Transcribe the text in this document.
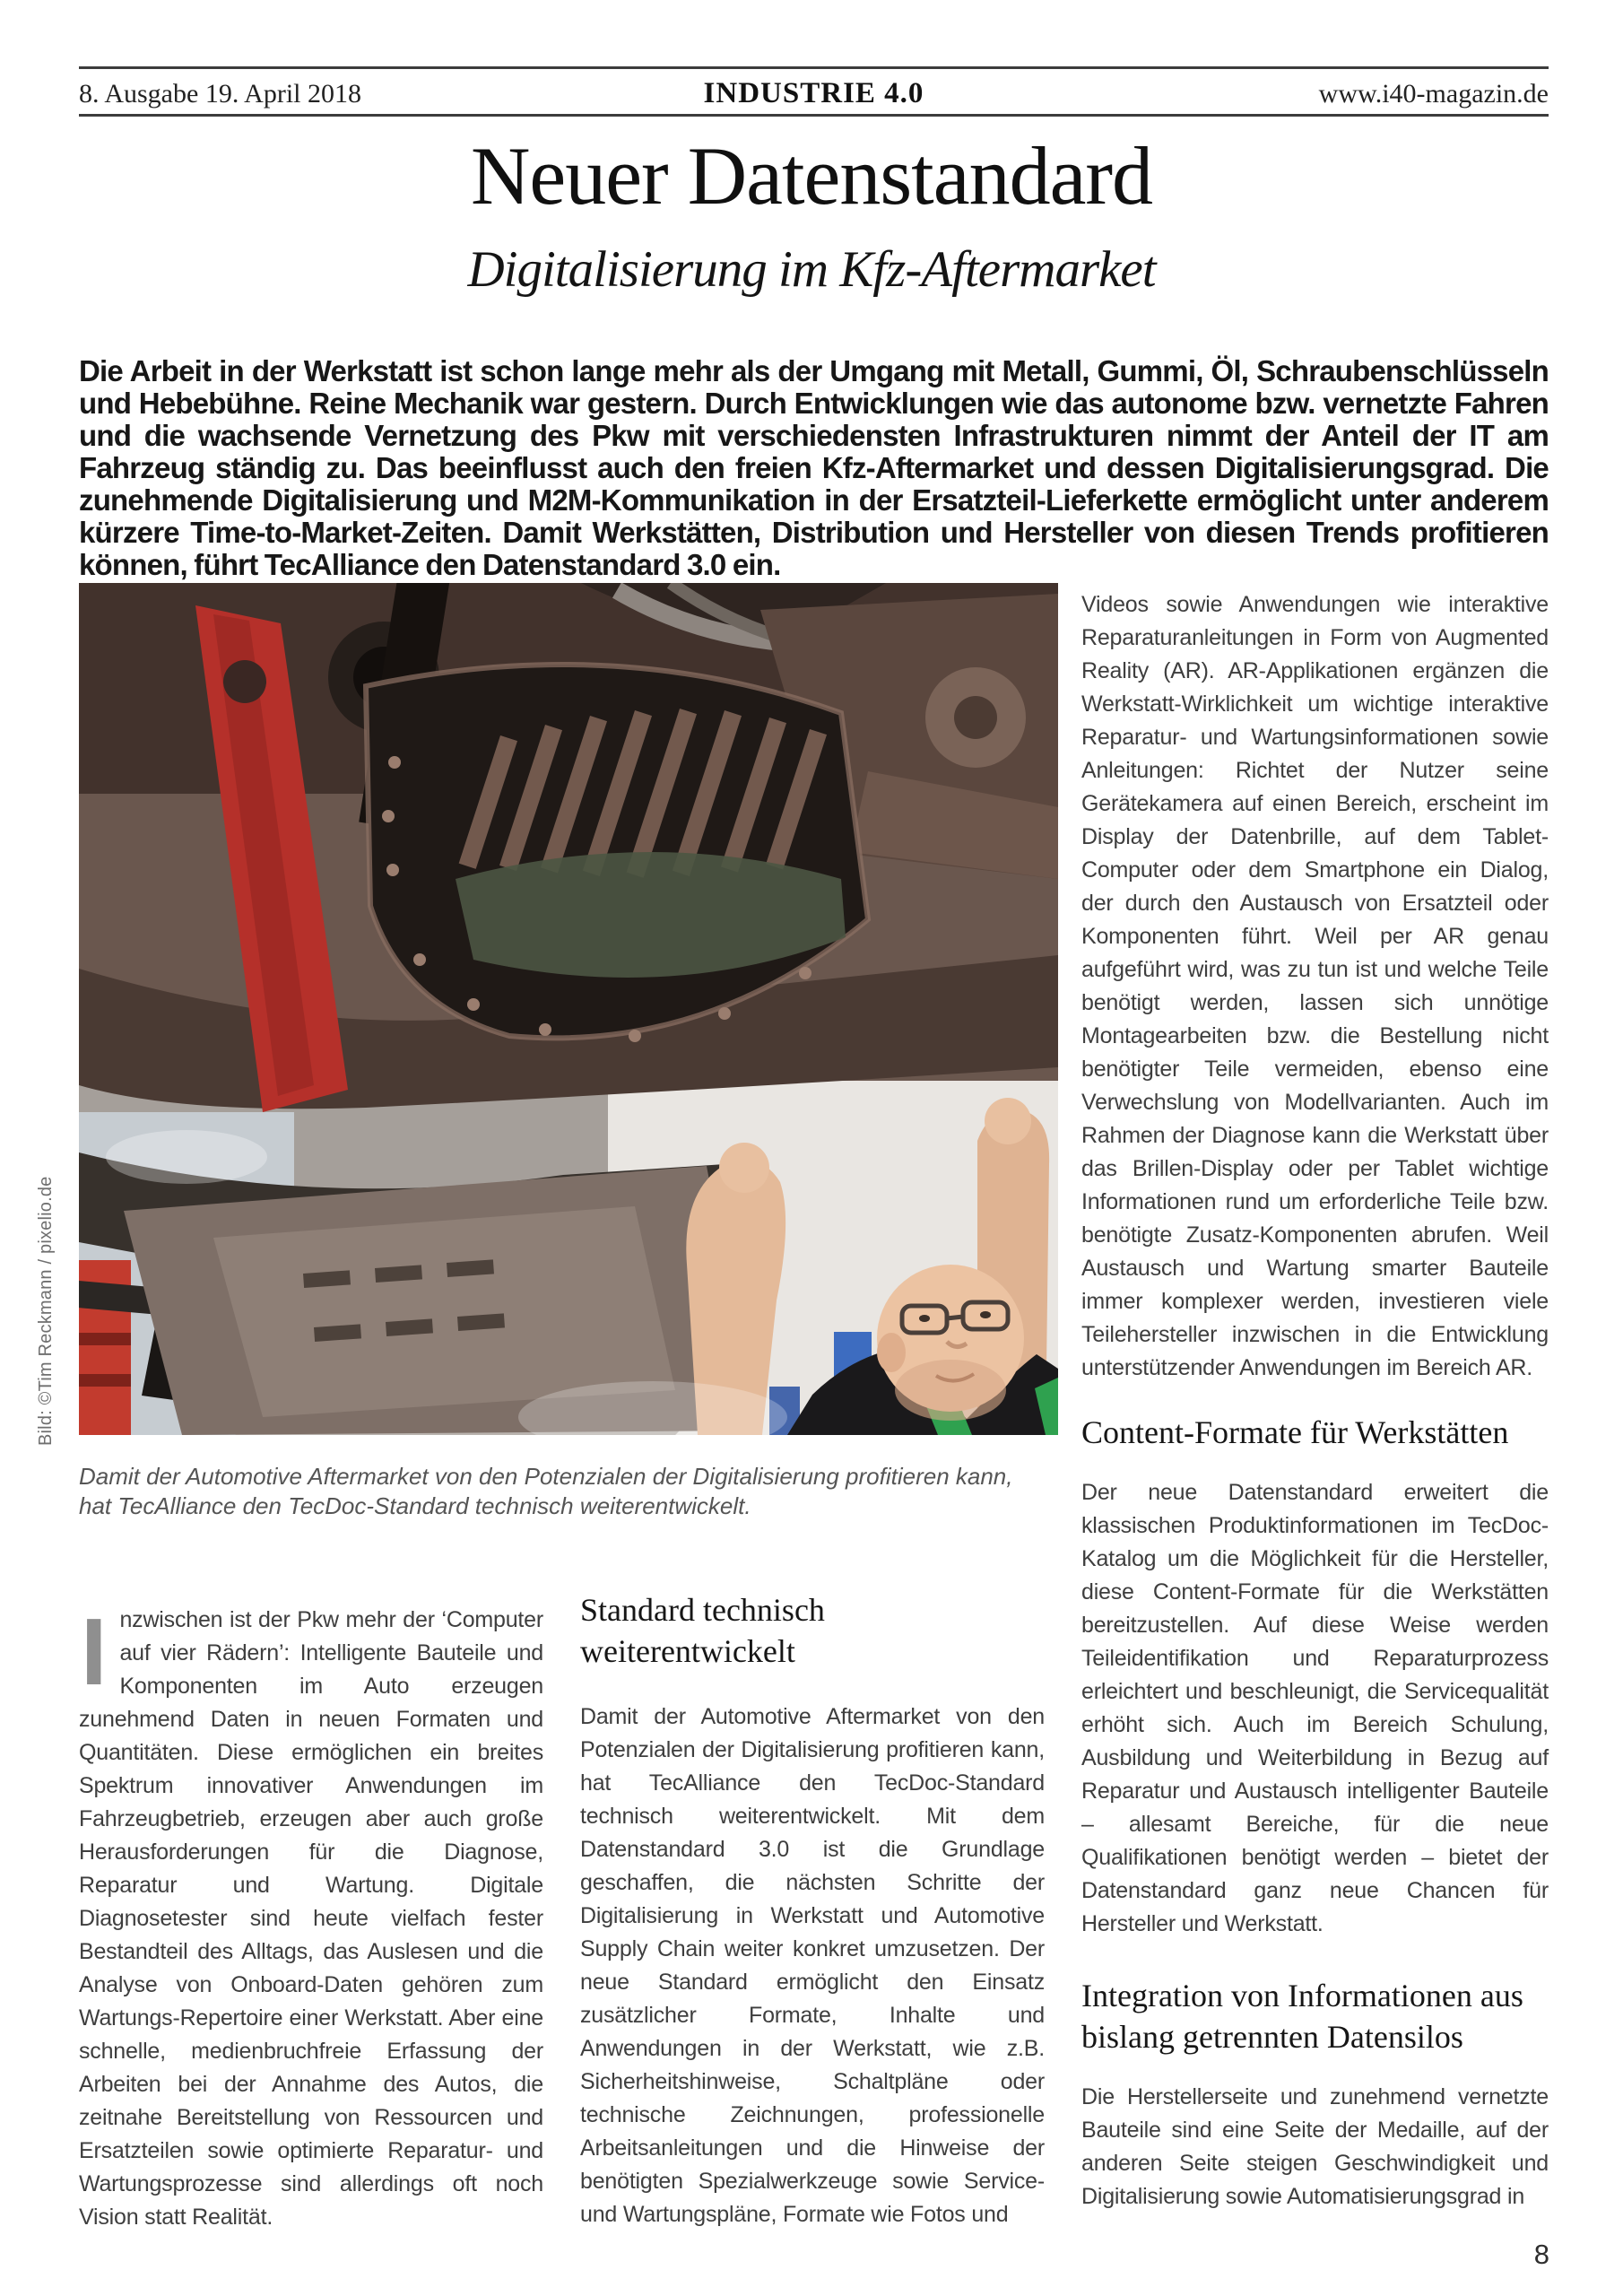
8. Ausgabe 19. April 2018	INDUSTRIE 4.0	www.i40-magazin.de
Neuer Datenstandard
Digitalisierung im Kfz-Aftermarket

Die Arbeit in der Werkstatt ist schon lange mehr als der Umgang mit Metall, Gummi, Öl, Schraubenschlüsseln und Hebebühne. Reine Mechanik war gestern. Durch Entwicklungen wie das autonome bzw. vernetzte Fahren und die wachsende Vernetzung des Pkw mit verschiedensten Infrastrukturen nimmt der Anteil der IT am Fahrzeug ständig zu. Das beeinflusst auch den freien Kfz-Aftermarket und dessen Digitalisierungsgrad. Die zunehmende Digitalisierung und M2M-Kommunikation in der Ersatzteil-Lieferkette ermöglicht unter anderem kürzere Time-to-Market-Zeiten. Damit Werkstätten, Distribution und Hersteller von diesen Trends profitieren können, führt TecAlliance den Datenstandard 3.0 ein.

Bild: ©Tim Reckmann / pixelio.de
Damit der Automotive Aftermarket von den Potenzialen der Digitalisierung profitieren kann, hat TecAlliance den TecDoc-Standard technisch weiterentwickelt.
Inzwischen ist der Pkw mehr der ‘Computer auf vier Rädern’: Intelligente Bauteile und Komponenten im Auto erzeugen zunehmend Daten in neuen Formaten und Quantitäten. Diese ermöglichen ein breites Spektrum innovativer Anwendungen im Fahrzeugbetrieb, erzeugen aber auch große Herausforderungen für die Diagnose, Reparatur und Wartung. Digitale Diagnosetester sind heute vielfach fester Bestandteil des Alltags, das Auslesen und die Analyse von Onboard-Daten gehören zum Wartungs-Repertoire einer Werkstatt. Aber eine schnelle, medienbruchfreie Erfassung der Arbeiten bei der Annahme des Autos, die zeitnahe Bereitstellung von Ressourcen und Ersatzteilen sowie optimierte Reparatur- und Wartungsprozesse sind allerdings oft noch Vision statt Realität.
Standard technisch weiterentwickelt
Damit der Automotive Aftermarket von den Potenzialen der Digitalisierung profitieren kann, hat TecAlliance den TecDoc-Standard technisch weiterentwickelt. Mit dem Datenstandard 3.0 ist die Grundlage geschaffen, die nächsten Schritte der Digitalisierung in Werkstatt und Automotive Supply Chain weiter konkret umzusetzen. Der neue Standard ermöglicht den Einsatz zusätzlicher Formate, Inhalte und Anwendungen in der Werkstatt, wie z.B. Sicherheitshinweise, Schaltpläne oder technische Zeichnungen, professionelle Arbeitsanleitungen und die Hinweise der benötigten Spezialwerkzeuge sowie Service- und Wartungspläne, Formate wie Fotos und
Videos sowie Anwendungen wie interaktive Reparaturanleitungen in Form von Augmented Reality (AR). AR-Applikationen ergänzen die Werkstatt-Wirklichkeit um wichtige interaktive Reparatur- und Wartungsinformationen sowie Anleitungen: Richtet der Nutzer seine Gerätekamera auf einen Bereich, erscheint im Display der Datenbrille, auf dem Tablet-Computer oder dem Smartphone ein Dialog, der durch den Austausch von Ersatzteil oder Komponenten führt. Weil per AR genau aufgeführt wird, was zu tun ist und welche Teile benötigt werden, lassen sich unnötige Montagearbeiten bzw. die Bestellung nicht benötigter Teile vermeiden, ebenso eine Verwechslung von Modellvarianten. Auch im Rahmen der Diagnose kann die Werkstatt über das Brillen-Display oder per Tablet wichtige Informationen rund um erforderliche Teile bzw. benötigte Zusatz-Komponenten abrufen. Weil Austausch und Wartung smarter Bauteile immer komplexer werden, investieren viele Teilehersteller inzwischen in die Entwicklung unterstützender Anwendungen im Bereich AR.
Content-Formate für Werkstätten
Der neue Datenstandard erweitert die klassischen Produktinformationen im TecDoc-Katalog um die Möglichkeit für die Hersteller, diese Content-Formate für die Werkstätten bereitzustellen. Auf diese Weise werden Teileidentifikation und Reparaturprozess erleichtert und beschleunigt, die Servicequalität erhöht sich. Auch im Bereich Schulung, Ausbildung und Weiterbildung in Bezug auf Reparatur und Austausch intelligenter Bauteile – allesamt Bereiche, für die neue Qualifikationen benötigt werden – bietet der Datenstandard ganz neue Chancen für Hersteller und Werkstatt.
Integration von Informationen aus bislang getrennten Datensilos
Die Herstellerseite und zunehmend vernetzte Bauteile sind eine Seite der Medaille, auf der anderen Seite steigen Geschwindigkeit und Digitalisierung sowie Automatisierungsgrad in
8
